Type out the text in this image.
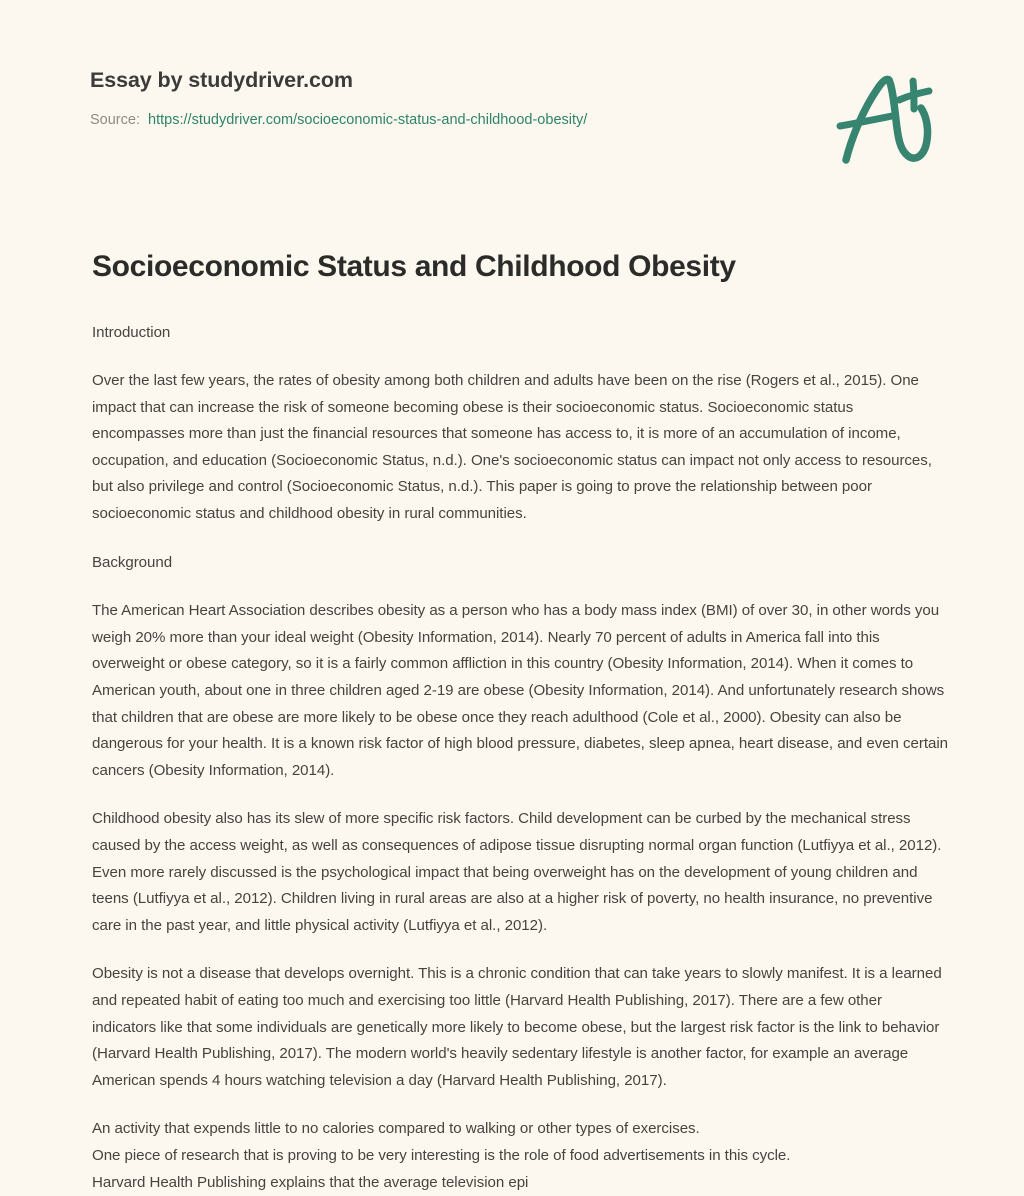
Essay by studydriver.com
Source: https://studydriver.com/socioeconomic-status-and-childhood-obesity/
Socioeconomic Status and Childhood Obesity

Introduction

Over the last few years, the rates of obesity among both children and adults have been on the rise (Rogers et al., 2015). One impact that can increase the risk of someone becoming obese is their socioeconomic status. Socioeconomic status encompasses more than just the financial resources that someone has access to, it is more of an accumulation of income, occupation, and education (Socioeconomic Status, n.d.). One's socioeconomic status can impact not only access to resources, but also privilege and control (Socioeconomic Status, n.d.). This paper is going to prove the relationship between poor socioeconomic status and childhood obesity in rural communities.

Background

The American Heart Association describes obesity as a person who has a body mass index (BMI) of over 30, in other words you weigh 20% more than your ideal weight (Obesity Information, 2014). Nearly 70 percent of adults in America fall into this overweight or obese category, so it is a fairly common affliction in this country (Obesity Information, 2014). When it comes to American youth, about one in three children aged 2-19 are obese (Obesity Information, 2014). And unfortunately research shows that children that are obese are more likely to be obese once they reach adulthood (Cole et al., 2000). Obesity can also be dangerous for your health. It is a known risk factor of high blood pressure, diabetes, sleep apnea, heart disease, and even certain cancers (Obesity Information, 2014).

Childhood obesity also has its slew of more specific risk factors. Child development can be curbed by the mechanical stress caused by the access weight, as well as consequences of adipose tissue disrupting normal organ function (Lutfiyya et al., 2012). Even more rarely discussed is the psychological impact that being overweight has on the development of young children and teens (Lutfiyya et al., 2012). Children living in rural areas are also at a higher risk of poverty, no health insurance, no preventive care in the past year, and little physical activity (Lutfiyya et al., 2012).

Obesity is not a disease that develops overnight. This is a chronic condition that can take years to slowly manifest. It is a learned and repeated habit of eating too much and exercising too little (Harvard Health Publishing, 2017). There are a few other indicators like that some individuals are genetically more likely to become obese, but the largest risk factor is the link to behavior (Harvard Health Publishing, 2017). The modern world's heavily sedentary lifestyle is another factor, for example an average American spends 4 hours watching television a day (Harvard Health Publishing, 2017).

An activity that expends little to no calories compared to walking or other types of exercises.

One piece of research that is proving to be very interesting is the role of food advertisements in this cycle.

Harvard Health Publishing explains that the average television epi
